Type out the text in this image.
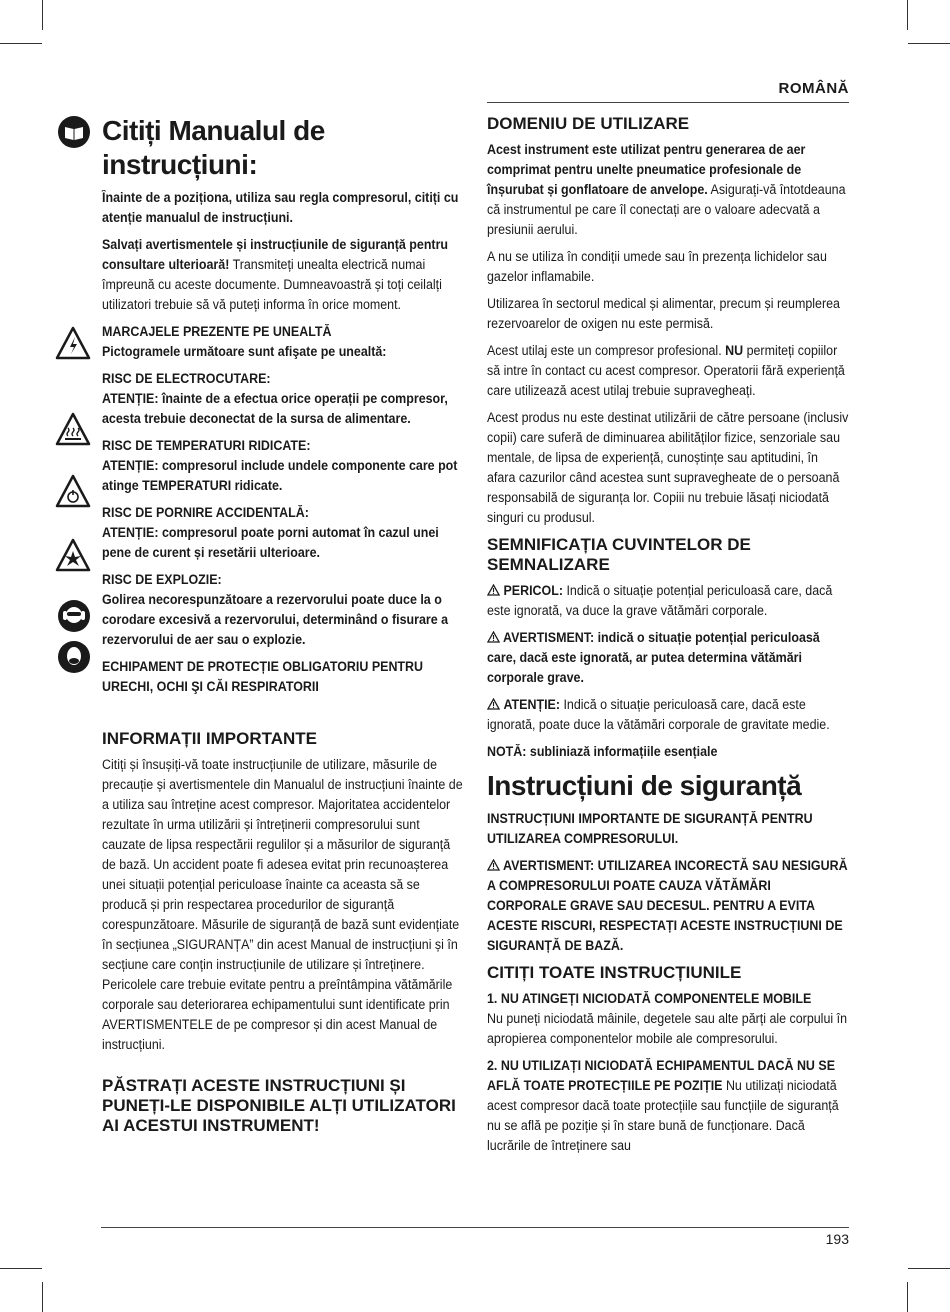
ROMÂNĂ
Citiți Manualul de instrucțiuni:

Înainte de a poziționa, utiliza sau regla compresorul, citiți cu atenție manualul de instrucțiuni.

Salvați avertismentele și instrucțiunile de siguranță pentru consultare ulterioară! Transmiteți unealta electrică numai împreună cu aceste documente. Dumneavoastră și toți ceilalți utilizatori trebuie să vă puteți informa în orice moment.

MARCAJELE PREZENTE PE UNEALTĂ
Pictogramele următoare sunt afişate pe unealtă:

RISC DE ELECTROCUTARE:
ATENȚIE: înainte de a efectua orice operații pe compresor, acesta trebuie deconectat de la sursa de alimentare.

RISC DE TEMPERATURI RIDICATE:
ATENȚIE: compresorul include undele componente care pot atinge TEMPERATURI ridicate.

RISC DE PORNIRE ACCIDENTALĂ:
ATENȚIE: compresorul poate porni automat în cazul unei pene de curent și resetării ulterioare.

RISC DE EXPLOZIE:
Golirea necorespunzătoare a rezervorului poate duce la o corodare excesivă a rezervorului, determinând o fisurare a rezervorului de aer sau o explozie.

ECHIPAMENT DE PROTECȚIE OBLIGATORIU PENTRU URECHI, OCHI ŞI CĂI RESPIRATORII

INFORMAȚII IMPORTANTE

Citiți și însușiți-vă toate instrucțiunile de utilizare, măsurile de precauție și avertismentele din Manualul de instrucțiuni înainte de a utiliza sau întreține acest compresor. Majoritatea accidentelor rezultate în urma utilizării și întreținerii compresorului sunt cauzate de lipsa respectării regulilor și a măsurilor de siguranță de bază. Un accident poate fi adesea evitat prin recunoașterea unei situații potențial periculoase înainte ca aceasta să se producă și prin respectarea procedurilor de siguranță corespunzătoare. Măsurile de siguranță de bază sunt evidențiate în secțiunea „SIGURANȚA” din acest Manual de instrucțiuni și în secțiune care conțin instrucțiunile de utilizare și întreținere. Pericolele care trebuie evitate pentru a preîntâmpina vătămările corporale sau deteriorarea echipamentului sunt identificate prin AVERTISMENTELE de pe compresor și din acest Manual de instrucțiuni.

PĂSTRAȚI ACESTE INSTRUCȚIUNI ȘI PUNEȚI-LE DISPONIBILE ALȚI UTILIZATORI AI ACESTUI INSTRUMENT!
DOMENIU DE UTILIZARE

Acest instrument este utilizat pentru generarea de aer comprimat pentru unelte pneumatice profesionale de înșurubat și gonflatoare de anvelope. Asigurați-vă întotdeauna că instrumentul pe care îl conectați are o valoare adecvată a presiunii aerului.

A nu se utiliza în condiții umede sau în prezența lichidelor sau gazelor inflamabile.

Utilizarea în sectorul medical și alimentar, precum și reumplerea rezervoarelor de oxigen nu este permisă.

Acest utilaj este un compresor profesional. NU permiteți copiilor să intre în contact cu acest compresor. Operatorii fără experiență care utilizează acest utilaj trebuie supravegheați.

Acest produs nu este destinat utilizării de către persoane (inclusiv copii) care suferă de diminuarea abilităților fizice, senzoriale sau mentale, de lipsa de experiență, cunoștințe sau aptitudini, în afara cazurilor când acestea sunt supravegheate de o persoană responsabilă de siguranța lor. Copiii nu trebuie lăsați niciodată singuri cu produsul.

SEMNIFICAȚIA CUVINTELOR DE SEMNALIZARE

PERICOL: Indică o situație potențial periculoasă care, dacă este ignorată, va duce la grave vătămări corporale.

AVERTISMENT: indică o situație potențial periculoasă care, dacă este ignorată, ar putea determina vătămări corporale grave.

ATENȚIE: Indică o situație periculoasă care, dacă este ignorată, poate duce la vătămări corporale de gravitate medie.

NOTĂ: subliniază informațiile esențiale

Instrucțiuni de siguranță

INSTRUCȚIUNI IMPORTANTE DE SIGURANȚĂ PENTRU UTILIZAREA COMPRESORULUI.

AVERTISMENT: UTILIZAREA INCORECTĂ SAU NESIGURĂ A COMPRESORULUI POATE CAUZA VĂTĂMĂRI CORPORALE GRAVE SAU DECESUL. PENTRU A EVITA ACESTE RISCURI, RESPECTAȚI ACESTE INSTRUCȚIUNI DE SIGURANȚĂ DE BAZĂ.

CITIȚI TOATE INSTRUCȚIUNILE

1. NU ATINGEȚI NICIODATĂ COMPONENTELE MOBILE
Nu puneți niciodată mâinile, degetele sau alte părți ale corpului în apropierea componentelor mobile ale compresorului.

2. NU UTILIZAȚI NICIODATĂ ECHIPAMENTUL DACĂ NU SE AFLĂ TOATE PROTECȚIILE PE POZIȚIE Nu utilizați niciodată acest compresor dacă toate protecțiile sau funcțiile de siguranță nu se află pe poziție și în stare bună de funcționare. Dacă lucrările de întreținere sau

193
